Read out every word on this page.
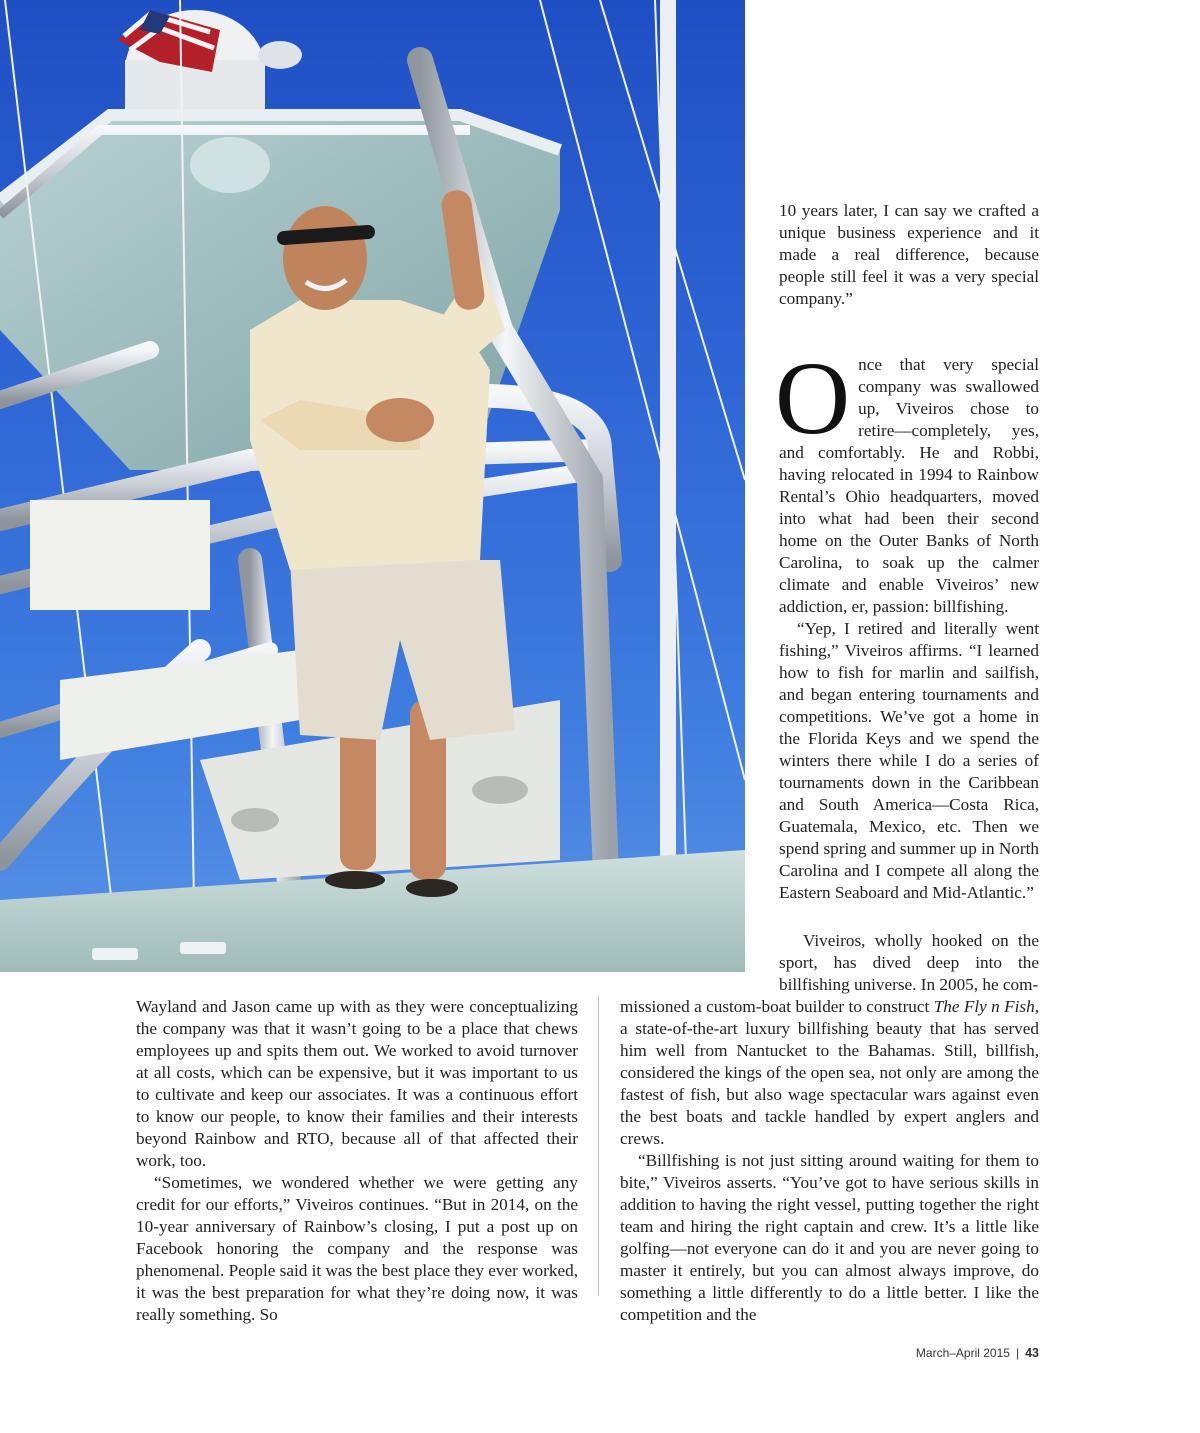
10 years later, I can say we crafted a unique business experience and it made a real difference, because people still feel it was a very special company.”

Once that very special company was swallowed up, Viveiros chose to retire—completely, yes, and comfortably. He and Robbi, having relocated in 1994 to Rainbow Rental’s Ohio headquarters, moved into what had been their second home on the Outer Banks of North Carolina, to soak up the calmer climate and enable Viveiros’ new addiction, er, passion: billfishing.

“Yep, I retired and literally went fishing,” Viveiros affirms. “I learned how to fish for marlin and sailfish, and began entering tournaments and competitions. We’ve got a home in the Florida Keys and we spend the winters there while I do a series of tournaments down in the Caribbean and South America—Costa Rica, Guatemala, Mexico, etc. Then we spend spring and summer up in North Carolina and I compete all along the Eastern Seaboard and Mid-Atlantic.”

Viveiros, wholly hooked on the sport, has dived deep into the billfishing universe. In 2005, he com-

Wayland and Jason came up with as they were conceptualizing the company was that it wasn’t going to be a place that chews employees up and spits them out. We worked to avoid turnover at all costs, which can be expensive, but it was important to us to cultivate and keep our associates. It was a continuous effort to know our people, to know their families and their interests beyond Rainbow and RTO, because all of that affected their work, too.

“Sometimes, we wondered whether we were getting any credit for our efforts,” Viveiros continues. “But in 2014, on the 10-year anniversary of Rainbow’s closing, I put a post up on Facebook honoring the company and the response was phenomenal. People said it was the best place they ever worked, it was the best preparation for what they’re doing now, it was really something. So

missioned a custom-boat builder to construct The Fly n Fish, a state-of-the-art luxury billfishing beauty that has served him well from Nantucket to the Bahamas. Still, billfish, considered the kings of the open sea, not only are among the fastest of fish, but also wage spectacular wars against even the best boats and tackle handled by expert anglers and crews.

“Billfishing is not just sitting around waiting for them to bite,” Viveiros asserts. “You’ve got to have serious skills in addition to having the right vessel, putting together the right team and hiring the right captain and crew. It’s a little like golfing—not everyone can do it and you are never going to master it entirely, but you can almost always improve, do something a little differently to do a little better. I like the competition and the

March–April 2015 | 43
